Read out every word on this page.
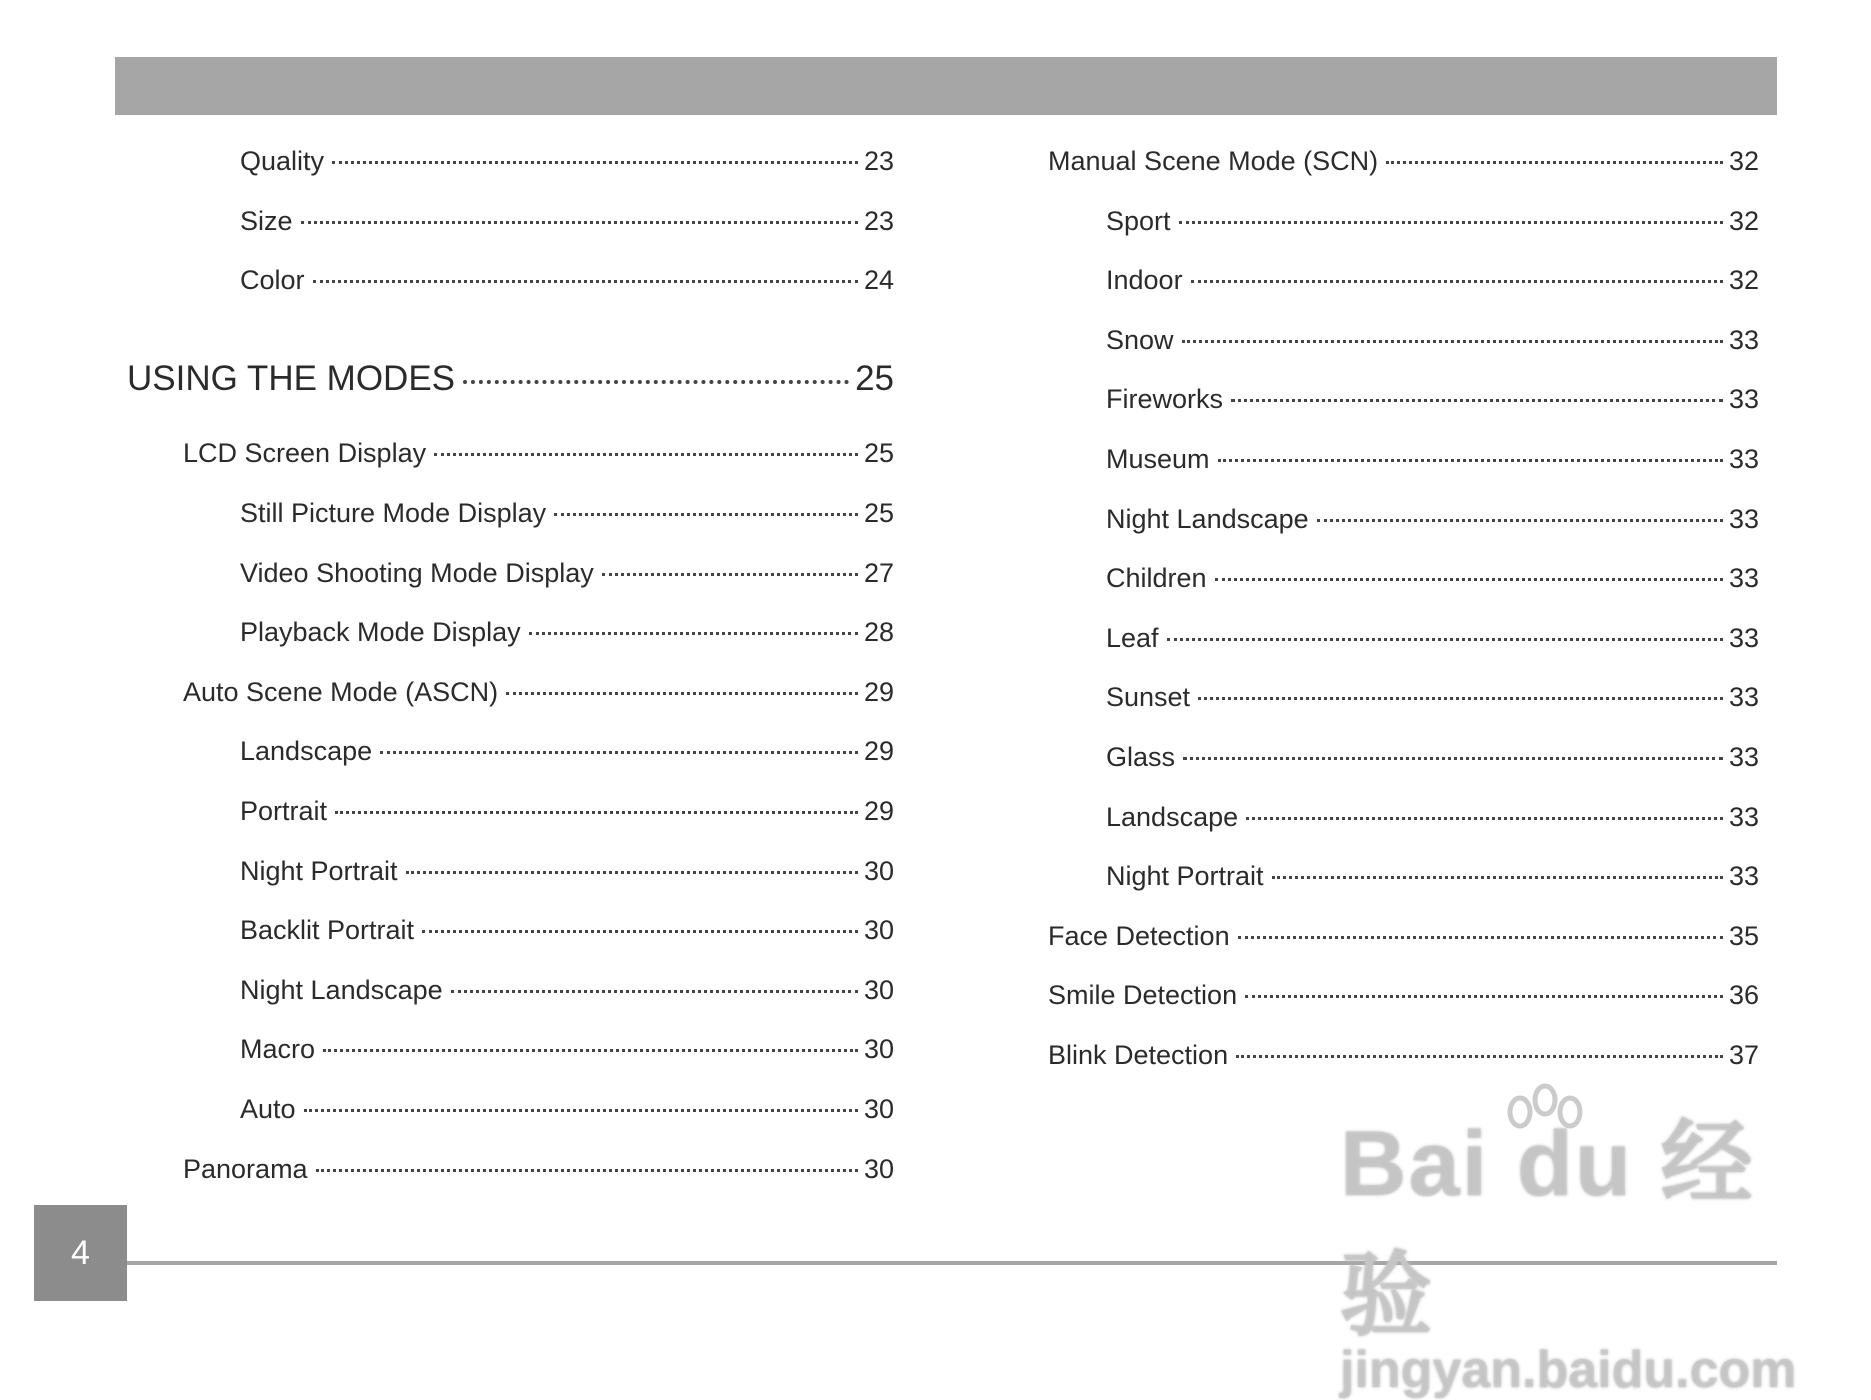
Quality	23
Size	23
Color	24
USING THE MODES	25
LCD Screen Display	25
Still Picture Mode Display	25
Video Shooting Mode Display	27
Playback Mode Display	28
Auto Scene Mode (ASCN)	29
Landscape	29
Portrait	29
Night Portrait	30
Backlit Portrait	30
Night Landscape	30
Macro	30
Auto	30
Panorama	30
Manual Scene Mode (SCN)	32
Sport	32
Indoor	32
Snow	33
Fireworks	33
Museum	33
Night Landscape	33
Children	33
Leaf	33
Sunset	33
Glass	33
Landscape	33
Night Portrait	33
Face Detection	35
Smile Detection	36
Blink Detection	37
4
Bai du 经验
jingyan.baidu.com
